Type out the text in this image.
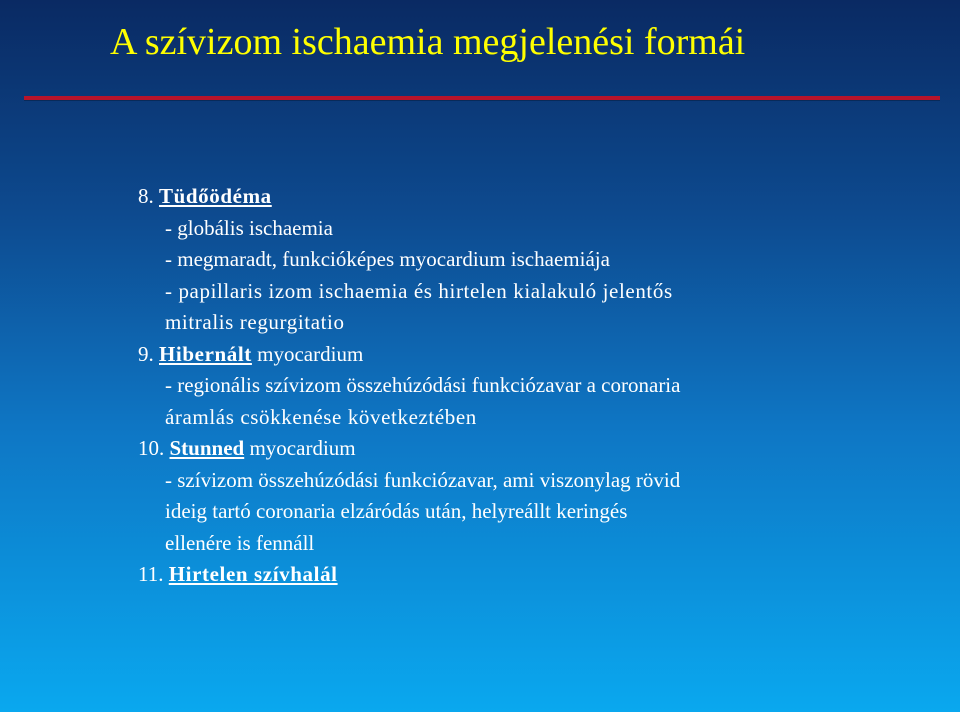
A szívizom ischaemia megjelenési formái
8. Tüdőödéma
- globális ischaemia
- megmaradt, funkcióképes myocardium ischaemiája
- papillaris izom ischaemia és hirtelen kialakuló jelentős
mitralis regurgitatio
9. Hibernált myocardium
- regionális szívizom összehúzódási funkciózavar a coronaria
áramlás csökkenése következtében
10. Stunned myocardium
- szívizom összehúzódási funkciózavar, ami viszonylag rövid
ideig tartó coronaria elzáródás után, helyreállt keringés
ellenére is fennáll
11. Hirtelen szívhalál
